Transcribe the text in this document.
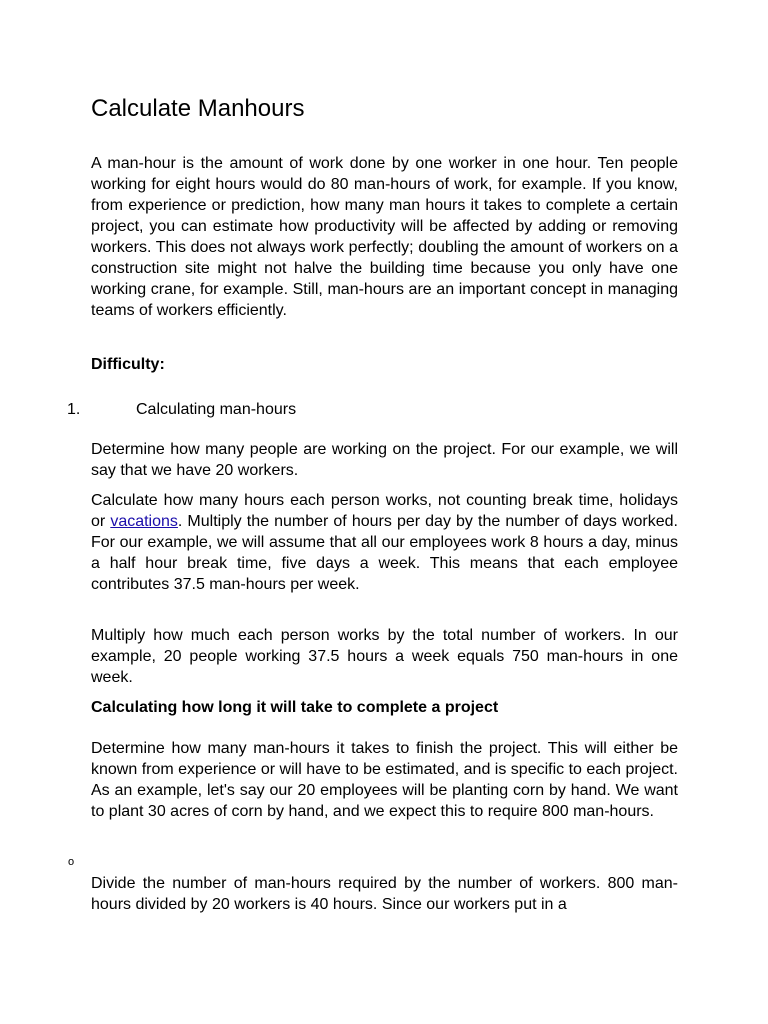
Calculate Manhours

A man-hour is the amount of work done by one worker in one hour. Ten people working for eight hours would do 80 man-hours of work, for example. If you know, from experience or prediction, how many man hours it takes to complete a certain project, you can estimate how productivity will be affected by adding or removing workers. This does not always work perfectly; doubling the amount of workers on a construction site might not halve the building time because you only have one working crane, for example. Still, man-hours are an important concept in managing teams of workers efficiently.

Difficulty:

1.	Calculating man-hours

Determine how many people are working on the project. For our example, we will say that we have 20 workers.

Calculate how many hours each person works, not counting break time, holidays or vacations. Multiply the number of hours per day by the number of days worked. For our example, we will assume that all our employees work 8 hours a day, minus a half hour break time, five days a week. This means that each employee contributes 37.5 man-hours per week.

Multiply how much each person works by the total number of workers. In our example, 20 people working 37.5 hours a week equals 750 man-hours in one week.

Calculating how long it will take to complete a project

Determine how many man-hours it takes to finish the project. This will either be known from experience or will have to be estimated, and is specific to each project. As an example, let's say our 20 employees will be planting corn by hand. We want to plant 30 acres of corn by hand, and we expect this to require 800 man-hours.

o

Divide the number of man-hours required by the number of workers. 800 man-hours divided by 20 workers is 40 hours. Since our workers put in a
